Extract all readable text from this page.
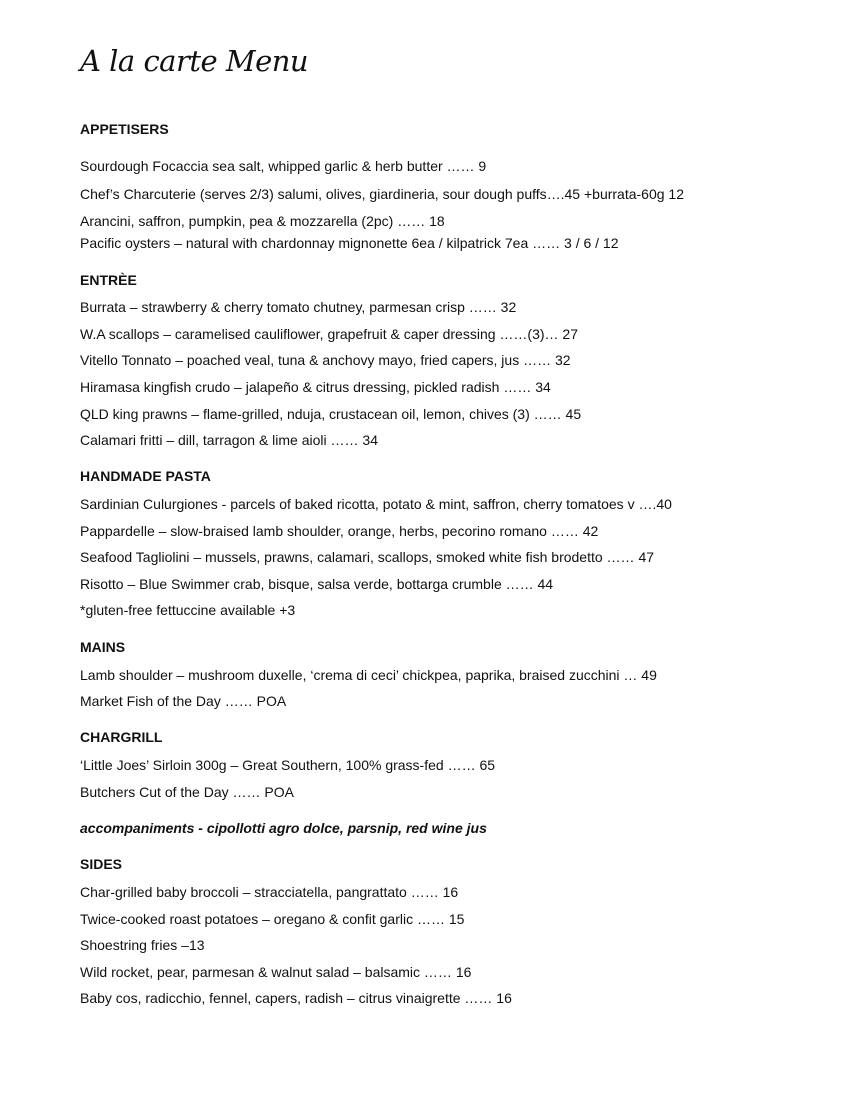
A la carte Menu
APPETISERS
Sourdough Focaccia sea salt, whipped garlic & herb butter …… 9
Chef’s Charcuterie (serves 2/3) salumi, olives, giardineria, sour dough puffs….45 +burrata-60g 12
Arancini, saffron, pumpkin, pea & mozzarella (2pc) …… 18
Pacific oysters – natural with chardonnay mignonette 6ea / kilpatrick 7ea …… 3 / 6 / 12
ENTRÈE
Burrata – strawberry & cherry tomato chutney, parmesan crisp …… 32
W.A scallops – caramelised cauliflower, grapefruit & caper dressing ……(3)… 27
Vitello Tonnato – poached veal, tuna & anchovy mayo, fried capers, jus …… 32
Hiramasa kingfish crudo – jalapeño & citrus dressing, pickled radish …… 34
QLD king prawns – flame-grilled, nduja, crustacean oil, lemon, chives (3) …… 45
Calamari fritti – dill, tarragon & lime aioli …… 34
HANDMADE PASTA
Sardinian Culurgiones - parcels of baked ricotta, potato & mint, saffron, cherry tomatoes v ….40
Pappardelle – slow-braised lamb shoulder, orange, herbs, pecorino romano …… 42
Seafood Tagliolini – mussels, prawns, calamari, scallops, smoked white fish brodetto …… 47
Risotto – Blue Swimmer crab, bisque, salsa verde, bottarga crumble …… 44
*gluten-free fettuccine available +3
MAINS
Lamb shoulder – mushroom duxelle, ‘crema di ceci’ chickpea, paprika, braised zucchini … 49
Market Fish of the Day …… POA
CHARGRILL
‘Little Joes’ Sirloin 300g – Great Southern, 100% grass-fed …… 65
Butchers Cut of the Day …… POA
accompaniments - cipollotti agro dolce, parsnip, red wine jus
SIDES
Char-grilled baby broccoli – stracciatella, pangrattato …… 16
Twice-cooked roast potatoes – oregano & confit garlic …… 15
Shoestring fries –13
Wild rocket, pear, parmesan & walnut salad – balsamic …… 16
Baby cos, radicchio, fennel, capers, radish – citrus vinaigrette …… 16
